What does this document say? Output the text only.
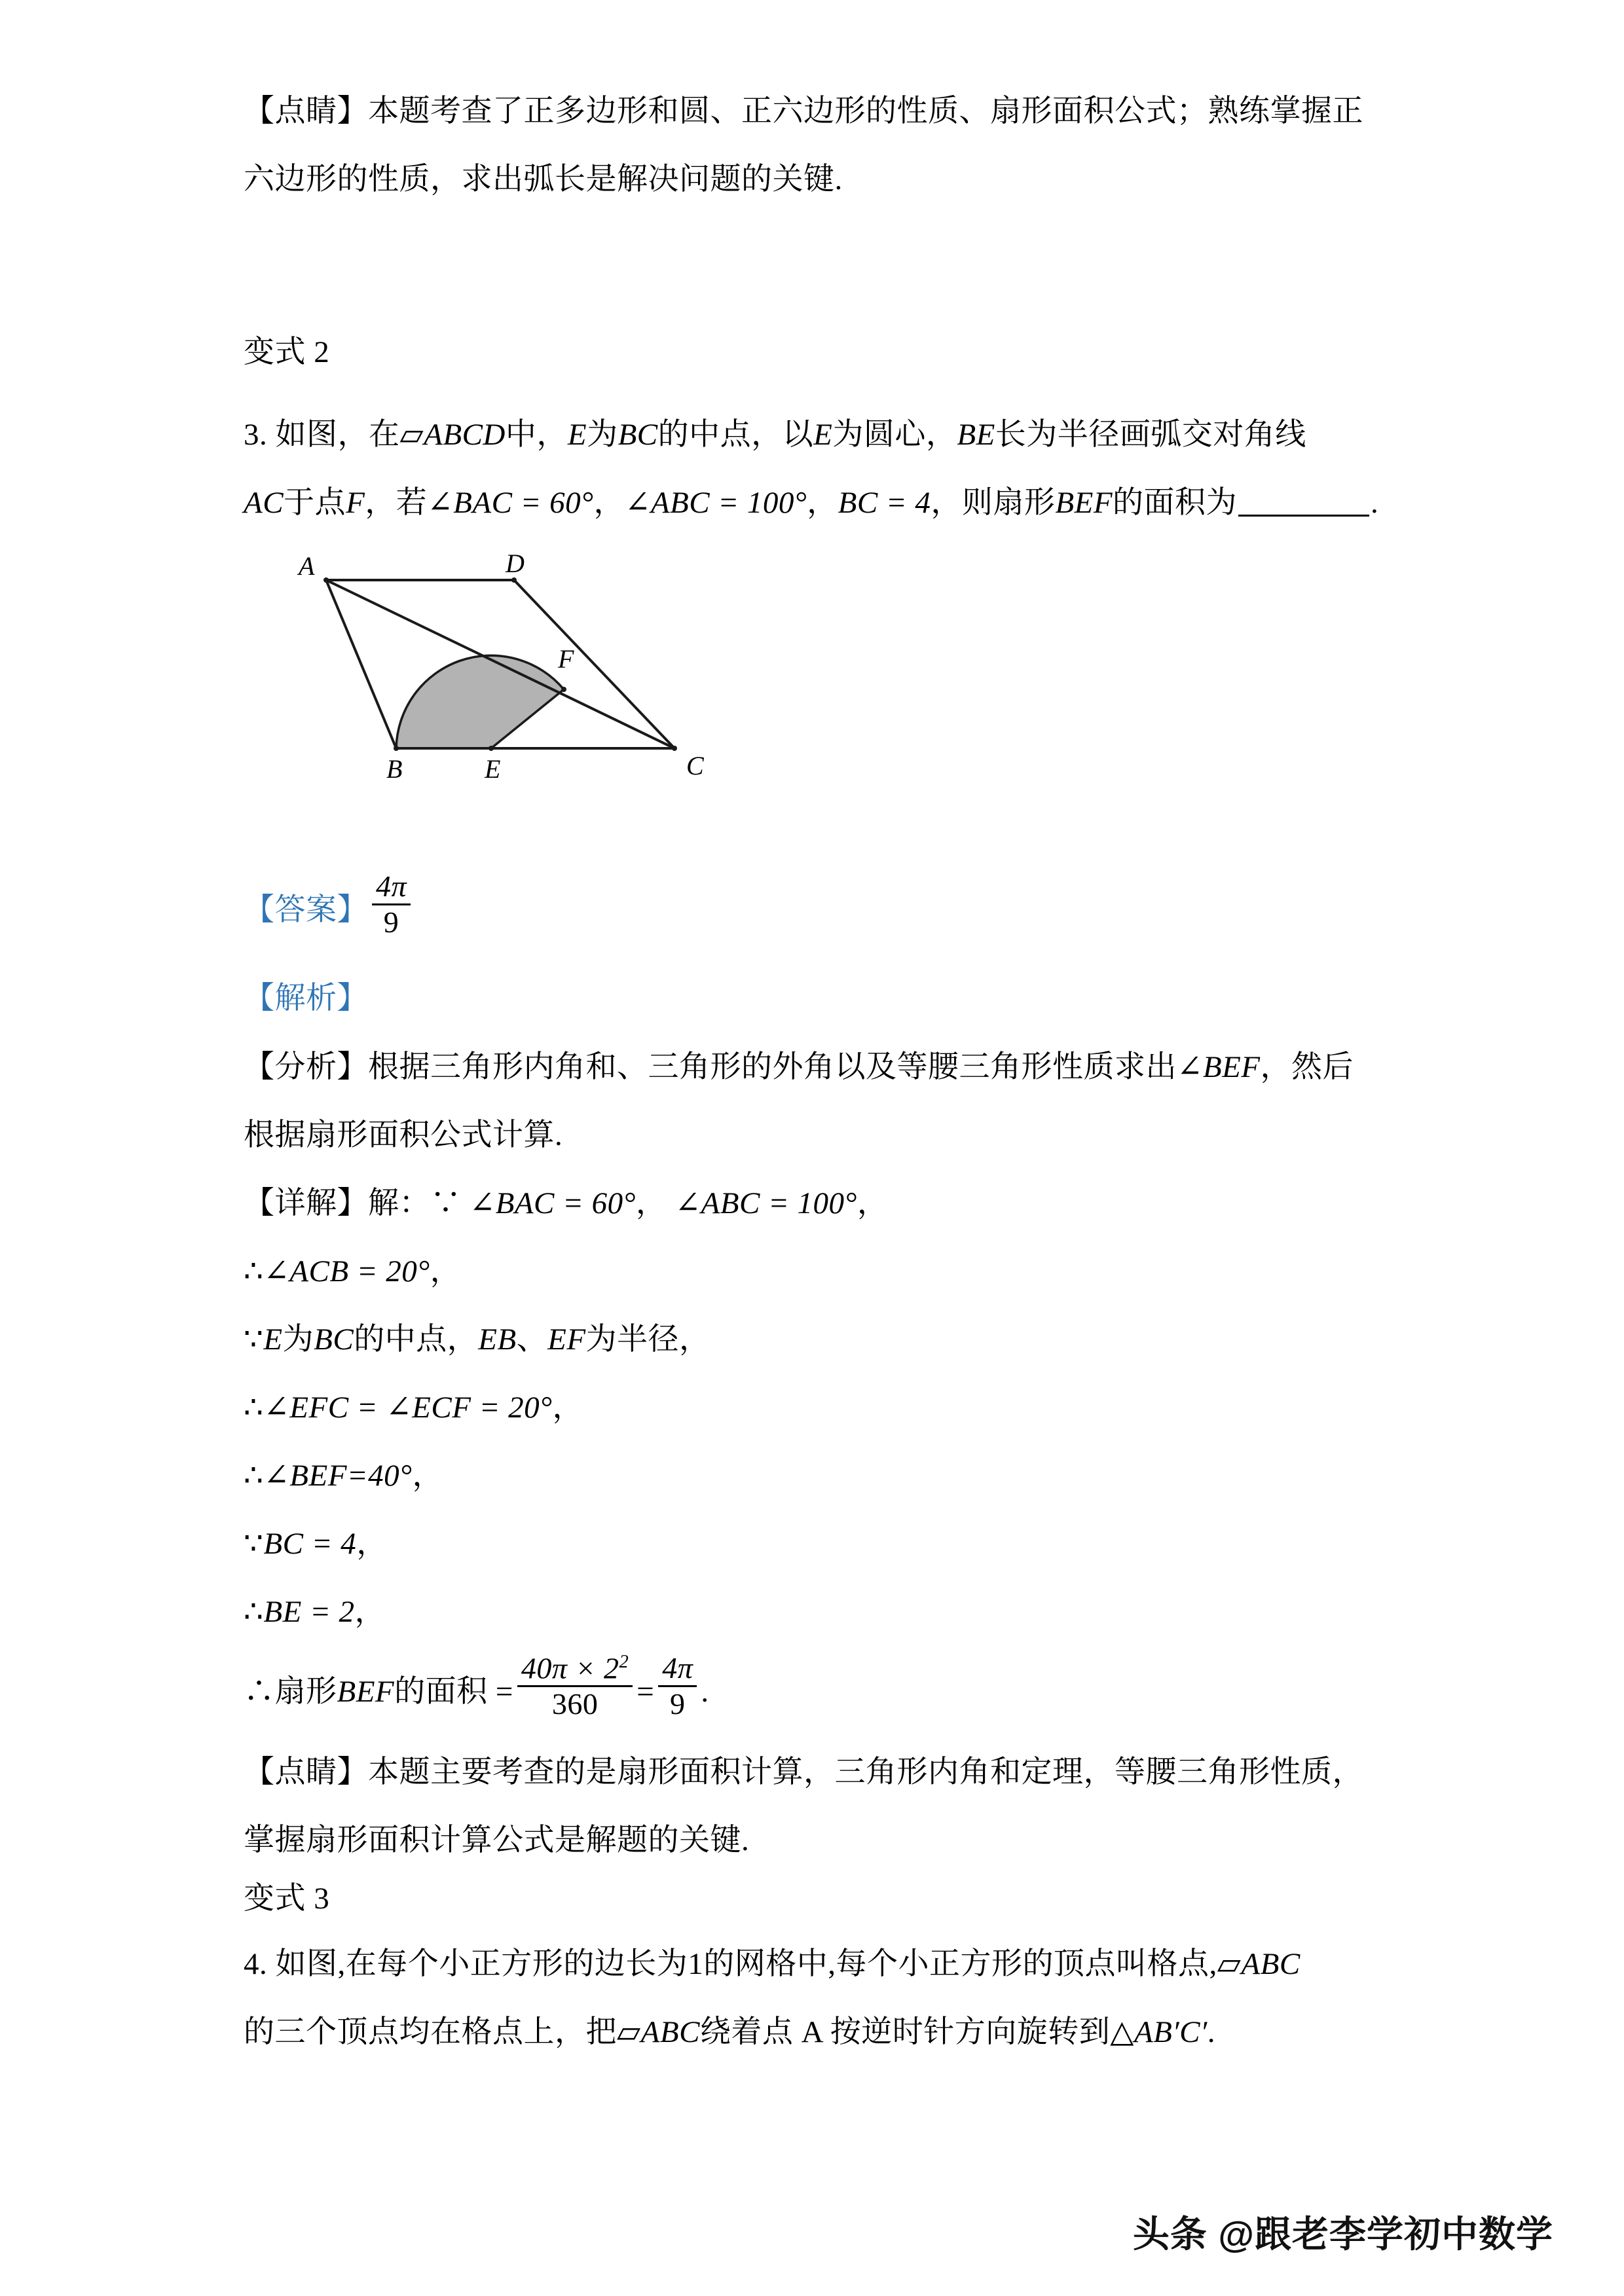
【点睛】本题考查了正多边形和圆、正六边形的性质、扇形面积公式；熟练掌握正
六边形的性质，求出弧长是解决问题的关键.
变式 2
3. 如图，在▱ABCD中，E为BC的中点，以E为圆心，BE长为半径画弧交对角线
AC于点F，若∠BAC = 60°，∠ABC = 100°，BC = 4，则扇形BEF的面积为	.
A	D
B	E	C
F
【答案】 $\frac{4\pi}{9}$
【解析】
【分析】根据三角形内角和、三角形的外角以及等腰三角形性质求出∠BEF，然后
根据扇形面积公式计算.
【详解】解：∵ ∠BAC = 60°， ∠ABC = 100°，
∴∠ACB = 20°，
∵E为BC的中点，EB、EF为半径，
∴∠EFC = ∠ECF = 20°，
∴∠BEF=40°，
∵BC = 4，
∴BE = 2，
∴扇形BEF的面积 = $\frac{40\pi \times 2^2}{360} = \frac{4\pi}{9}$ .
【点睛】本题主要考查的是扇形面积计算，三角形内角和定理，等腰三角形性质，
掌握扇形面积计算公式是解题的关键.
变式 3
4. 如图,在每个小正方形的边长为1的网格中,每个小正方形的顶点叫格点,▱ABC
的三个顶点均在格点上，把▱ABC绕着点 A 按逆时针方向旋转到△AB′C′.
头条 @跟老李学初中数学
